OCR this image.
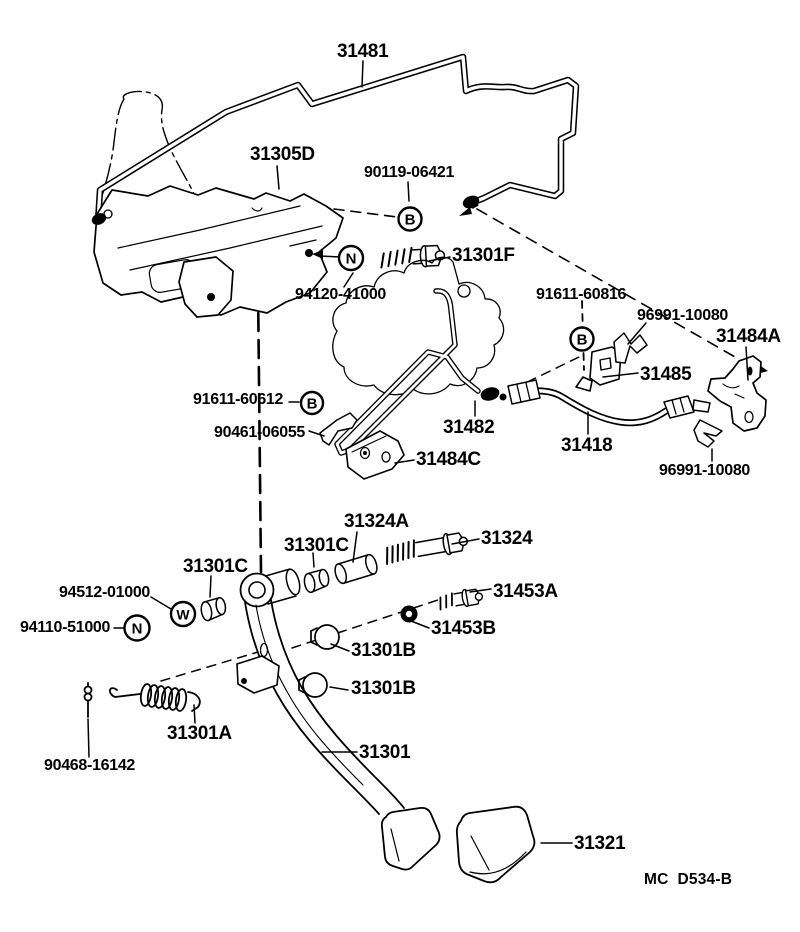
B
N
B
B
W
N
31481
31305D
90119-06421
31301F
94120-41000	91611-60816
96991-10080
31484A
31485
91611-60612
90461-06055	31482
31418
31484C
96991-10080
31324A
31301C	31324
31301C
94512-01000	31453A
94110-51000	31453B
31301B
31301B
31301A
31301
90468-16142
31321
MC  D534-B
